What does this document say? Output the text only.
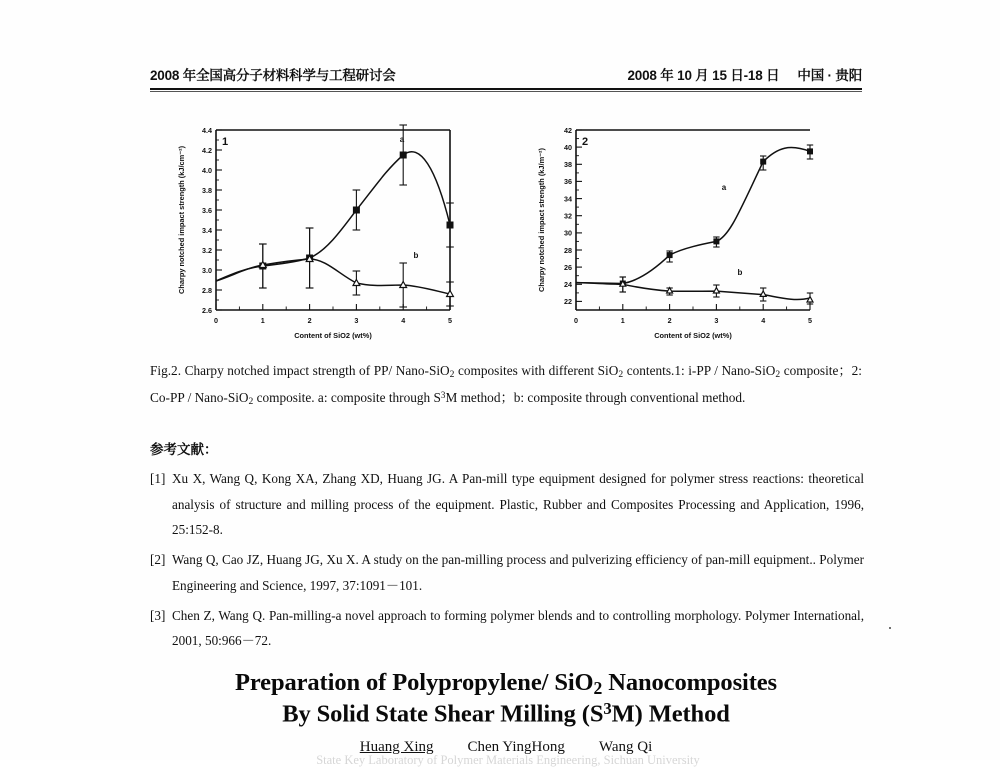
2008 年全国高分子材料科学与工程研讨会	2008 年 10 月 15 日-18 日 中国 · 贵阳
1
4.4
4.2
4.0
3.8
3.6
3.4
3.2
3.0
2.8
2.6
0	1	2	3	4	5
Content of SiO2 (wt%)
Charpy notched impact strength (kJ/cm⁻²)
a
b
2
42
40
38
36
34
32
30
28
26
24
22
0	1	2	3	4	5
Content of SiO2 (wt%)
Charpy notched impact strength (kJ/m⁻²)	a
b
Fig.2. Charpy notched impact strength of PP/ Nano-SiO$_2$ composites with different SiO$_2$ contents.1: i-PP / Nano-SiO$_2$ composite；2: Co-PP / Nano-SiO$_2$ composite. a: composite through $S^3M$ method；b: composite through conventional method.
参考文献：
[1] Xu X, Wang Q, Kong XA, Zhang XD, Huang JG. A Pan-mill type equipment designed for polymer stress reactions: theoretical analysis of structure and milling process of the equipment. Plastic, Rubber and Composites Processing and Application, 1996, 25:152-8.
[2] Wang Q, Cao JZ, Huang JG, Xu X. A study on the pan-milling process and pulverizing efficiency of pan-mill equipment.. Polymer Engineering and Science, 1997, 37:1091－101.
[3] Chen Z, Wang Q. Pan-milling-a novel approach to forming polymer blends and to controlling morphology. Polymer International, 2001, 50:966－72.
Preparation of Polypropylene/ SiO$_2$ Nanocomposites
By Solid State Shear Milling $(S^3M)$ Method
Huang Xing Chen YingHong Wang Qi
State Key Laboratory of Polymer Materials Engineering, Sichuan University
